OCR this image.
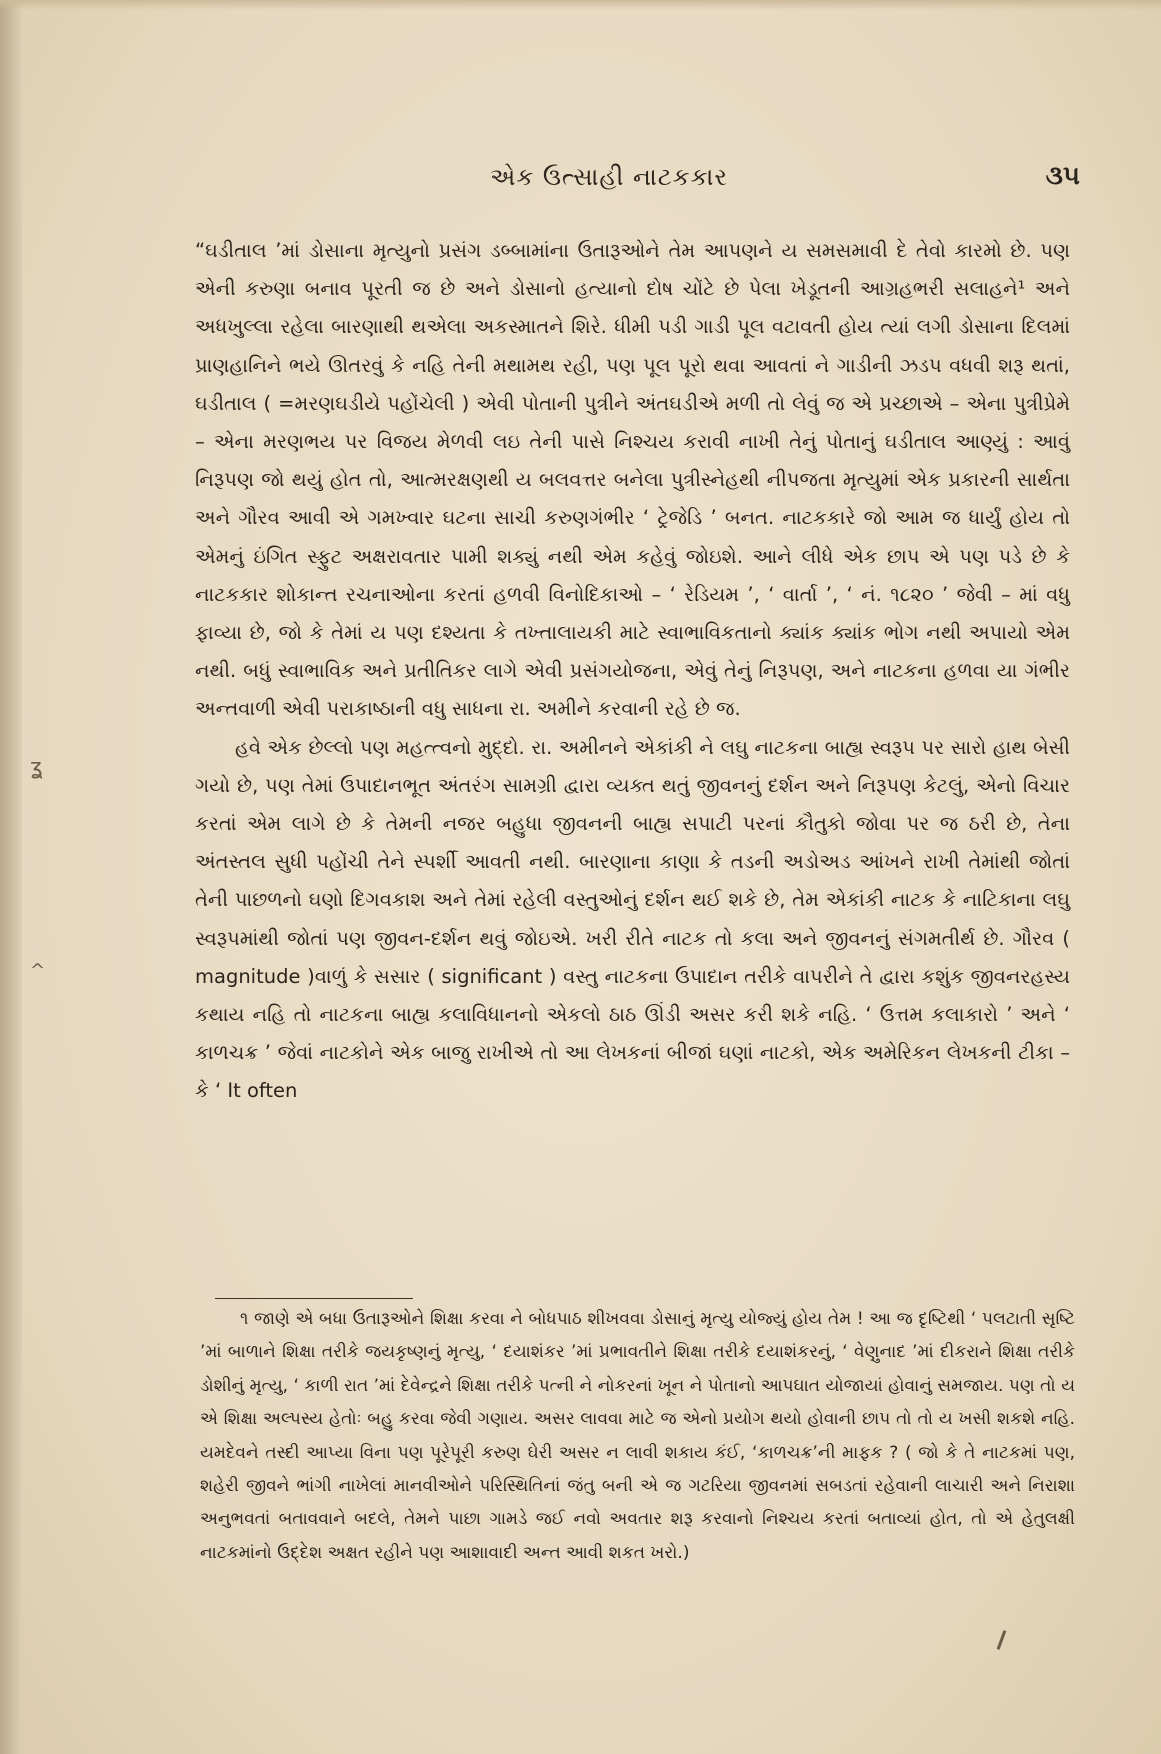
એક ઉત્સાહી નાટકકાર	૩૫

“ઘડીતાલ ’માં ડોસાના મૃત્યુનો પ્રસંગ ડબ્બામાંના ઉતારૂઓને તેમ આપણને ય સમસમાવી દે તેવો કારમો છે. પણ એની કરુણા બનાવ પૂરતી જ છે અને ડોસાનો હત્યાનો દોષ ચોંટે છે પેલા ખેડૂતની આગ્રહભરી સલાહને¹ અને અધખુલ્લા રહેલા બારણાથી થએલા અકસ્માતને શિરે. ધીમી પડી ગાડી પૂલ વટાવતી હોય ત્યાં લગી ડોસાના દિલમાં પ્રાણહાનિને ભયે ઊતરવું કે નહિ તેની મથામથ રહી, પણ પૂલ પૂરો થવા આવતાં ને ગાડીની ઝડપ વધવી શરૂ થતાં, ઘડીતાલ ( =મરણઘડીયે પહોંચેલી ) એવી પોતાની પુત્રીને અંતઘડીએ મળી તો લેવું જ એ પ્રચ્છાએ – એના પુત્રીપ્રેમે – એના મરણભય પર વિજય મેળવી લઇ તેની પાસે નિશ્ચય કરાવી નાખી તેનું પોતાનું ઘડીતાલ આણ્યું : આવું નિરૂપણ જો થયું હોત તો, આત્મરક્ષણથી ય બલવત્તર બનેલા પુત્રીસ્નેહથી નીપજતા મૃત્યુમાં એક પ્રકારની સાર્થતા અને ગૌરવ આવી એ ગમખ્વાર ઘટના સાચી કરુણગંભીર ‘ ટ્રેજેડિ ’ બનત. નાટકકારે જો આમ જ ધાર્યું હોય તો એમનું ઇંગિત સ્ફુટ અક્ષરાવતાર પામી શક્યું નથી એમ કહેવું જોઇશે. આને લીધે એક છાપ એ પણ પડે છે કે નાટકકાર શોકાન્ત રચનાઓના કરતાં હળવી વિનોદિકાઓ – ‘ રેડિયમ ’, ‘ વાર્તા ’, ‘ નં. ૧૮૨૦ ’ જેવી – માં વધુ ફાવ્યા છે, જો કે તેમાં ય પણ દશ્યતા કે તખ્તાલાયકી માટે સ્વાભાવિકતાનો ક્યાંક ક્યાંક ભોગ નથી અપાયો એમ નથી. બધું સ્વાભાવિક અને પ્રતીતિકર લાગે એવી પ્રસંગયોજના, એવું તેનું નિરૂપણ, અને નાટકના હળવા યા ગંભીર અન્તવાળી એવી પરાકાષ્ઠાની વધુ સાધના રા. અમીને કરવાની રહે છે જ.

હવે એક છેલ્લો પણ મહત્ત્વનો મુદ્દો. રા. અમીનને એકાંકી ને લઘુ નાટકના બાહ્ય સ્વરૂપ પર સારો હાથ બેસી ગયો છે, પણ તેમાં ઉપાદાનભૂત અંતરંગ સામગ્રી દ્વારા વ્યક્ત થતું જીવનનું દર્શન અને નિરૂપણ કેટલું, એનો વિચાર કરતાં એમ લાગે છે કે તેમની નજર બહુધા જીવનની બાહ્ય સપાટી પરનાં કૌતુકો જોવા પર જ ઠરી છે, તેના અંતસ્તલ સુધી પહોંચી તેને સ્પર્શી આવતી નથી. બારણાના કાણા કે તડની અડોઅડ આંખને રાખી તેમાંથી જોતાં તેની પાછળનો ઘણો દિગવકાશ અને તેમાં રહેલી વસ્તુઓનું દર્શન થઈ શકે છે, તેમ એકાંકી નાટક કે નાટિકાના લઘુ સ્વરૂપમાંથી જોતાં પણ જીવન-દર્શન થવું જોઇએ. ખરી રીતે નાટક તો કલા અને જીવનનું સંગમતીર્થ છે. ગૌરવ ( magnitude )વાળું કે સસાર ( significant ) વસ્તુ નાટકના ઉપાદાન તરીકે વાપરીને તે દ્વારા કશુંક જીવનરહસ્ય કથાય નહિ તો નાટકના બાહ્ય કલાવિધાનનો એકલો ઠાઠ ઊંડી અસર કરી શકે નહિ. ‘ ઉત્તમ કલાકારો ’ અને ‘ કાળચક્ર ’ જેવાં નાટકોને એક બાજુ રાખીએ તો આ લેખકનાં બીજાં ઘણાં નાટકો, એક અમેરિકન લેખકની ટીકા – કે ‘ It often

૧ જાણે એ બધા ઉતારૂઓને શિક્ષા કરવા ને બોધપાઠ શીખવવા ડોસાનું મૃત્યુ યોજ્યું હોય તેમ ! આ જ દૃષ્ટિથી ‘ પલટાતી સૃષ્ટિ ’માં બાળાને શિક્ષા તરીકે જયકૃષ્ણનું મૃત્યુ, ‘ દયાશંકર ’માં પ્રભાવતીને શિક્ષા તરીકે દયાશંકરનું, ‘ વેણુનાદ ’માં દીકરાને શિક્ષા તરીકે ડોશીનું મૃત્યુ, ‘ કાળી રાત ’માં દેવેન્દ્રને શિક્ષા તરીકે પત્ની ને નોકરનાં ખૂન ને પોતાનો આપઘાત યોજાયાં હોવાનું સમજાય. પણ તો ય એ શિક્ષા અલ્પસ્ય હેતોઃ બહુ કરવા જેવી ગણાય. અસર લાવવા માટે જ એનો પ્રયોગ થયો હોવાની છાપ તો તો ય ખસી શકશે નહિ. યમદેવને તસ્દી આપ્યા વિના પણ પૂરેપૂરી કરુણ ઘેરી અસર ન લાવી શકાય કંઈ, ‘કાળચક્ર’ની માફક ? ( જો કે તે નાટકમાં પણ, શહેરી જીવને ભાંગી નાખેલાં માનવીઓને પરિસ્થિતિનાં જંતુ બની એ જ ગટરિયા જીવનમાં સબડતાં રહેવાની લાચારી અને નિરાશા અનુભવતાં બતાવવાને બદલે, તેમને પાછા ગામડે જઈ નવો અવતાર શરૂ કરવાનો નિશ્ચય કરતાં બતાવ્યાં હોત, તો એ હેતુલક્ષી નાટકમાંનો ઉદ્દેશ અક્ષત રહીને પણ આશાવાદી અન્ત આવી શકત ખરો.)

ʓ
^
